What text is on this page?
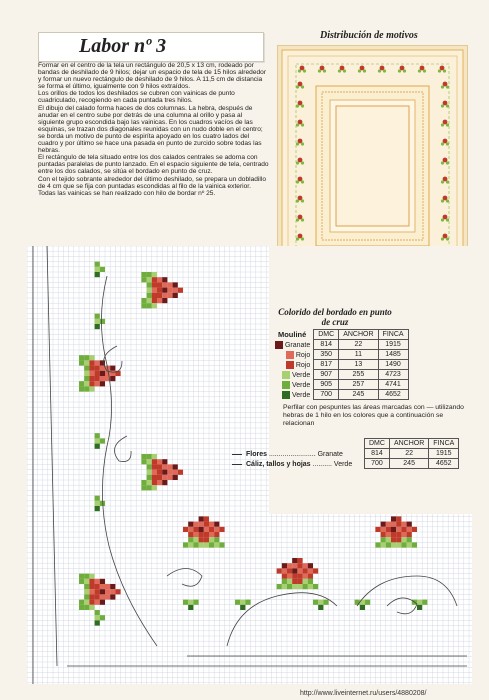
Labor nº 3
Formar en el centro de la tela un rectángulo de 20,5 x 13 cm, rodeado por bandas de deshilado de 9 hilos; dejar un espacio de tela de 15 hilos alrededor y formar un nuevo rectángulo de deshilado de 9 hilos. A 11,5 cm de distancia se forma el último, igualmente con 9 hilos extraídos.
Los orillos de todos los deshilados se cubren con vainicas de punto cuadriculado, recogiendo en cada puntada tres hilos.
El dibujo del calado forma haces de dos columnas. La hebra, después de anudar en el centro sube por detrás de una columna al orillo y pasa al siguiente grupo escondida bajo las vainicas. En los cuadros vacíos de las esquinas, se trazan dos diagonales reunidas con un nudo doble en el centro; se borda un motivo de punto de espiríta apoyado en los cuatro lados del cuadro y por último se hace una pasada en punto de zurcido sobre todas las hebras.
El rectángulo de tela situado entre los dos calados centrales se adorna con puntadas paralelas de punto lanzado. En el espacio siguiente de tela, centrado entre los dos calados, se sitúa el bordado en punto de cruz.
Con el tejido sobrante alrededor del último deshilado, se prepara un dobladillo de 4 cm que se fija con puntadas escondidas al filo de la vainica exterior.
Todas las vainicas se han realizado con hilo de bordar nº 25.
Distribución de motivos
Colorido del bordado en punto de cruz
Mouliné	DMC	ANCHOR	FINCA
Granate	814	22	1915
Rojo	350	11	1485
Rojo	817	13	1490
Verde	907	255	4723
Verde	905	257	4741
Verde	700	245	4652
Perfilar con pespuntes las áreas marcadas con — utilizando hebras de 1 hilo en los colores que a continuación se relacionan
DMC	ANCHOR	FINCA
814	22	1915
700	245	4652
Flores ........................ Granate
Cáliz, tallos y hojas .......... Verde
http://www.liveinternet.ru/users/4880208/
